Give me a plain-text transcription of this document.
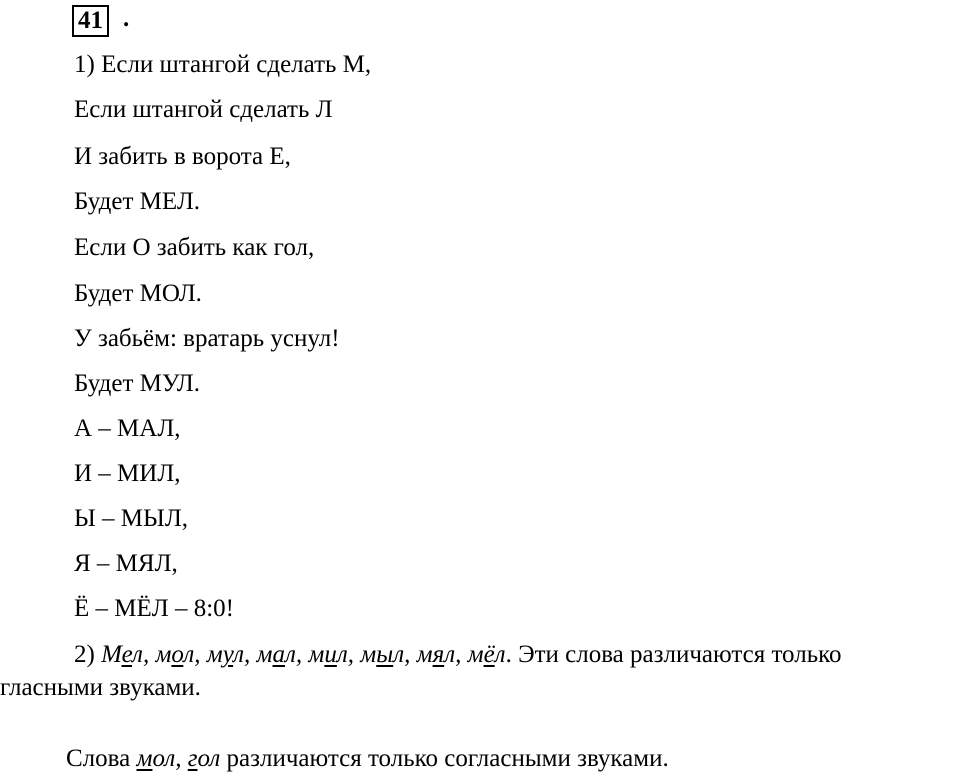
41 .
1) Если штангой сделать М,
Если штангой сделать Л
И забить в ворота Е,
Будет МЕЛ.
Если О забить как гол,
Будет МОЛ.
У забьём: вратарь уснул!
Будет МУЛ.
А – МАЛ,
И – МИЛ,
Ы – МЫЛ,
Я – МЯЛ,
Ё – МЁЛ – 8:0!
2) Мел, мол, мул, мал, мил, мыл, мял, мёл. Эти слова различаются только
гласными звуками.
Слова мол, гол различаются только согласными звуками.
